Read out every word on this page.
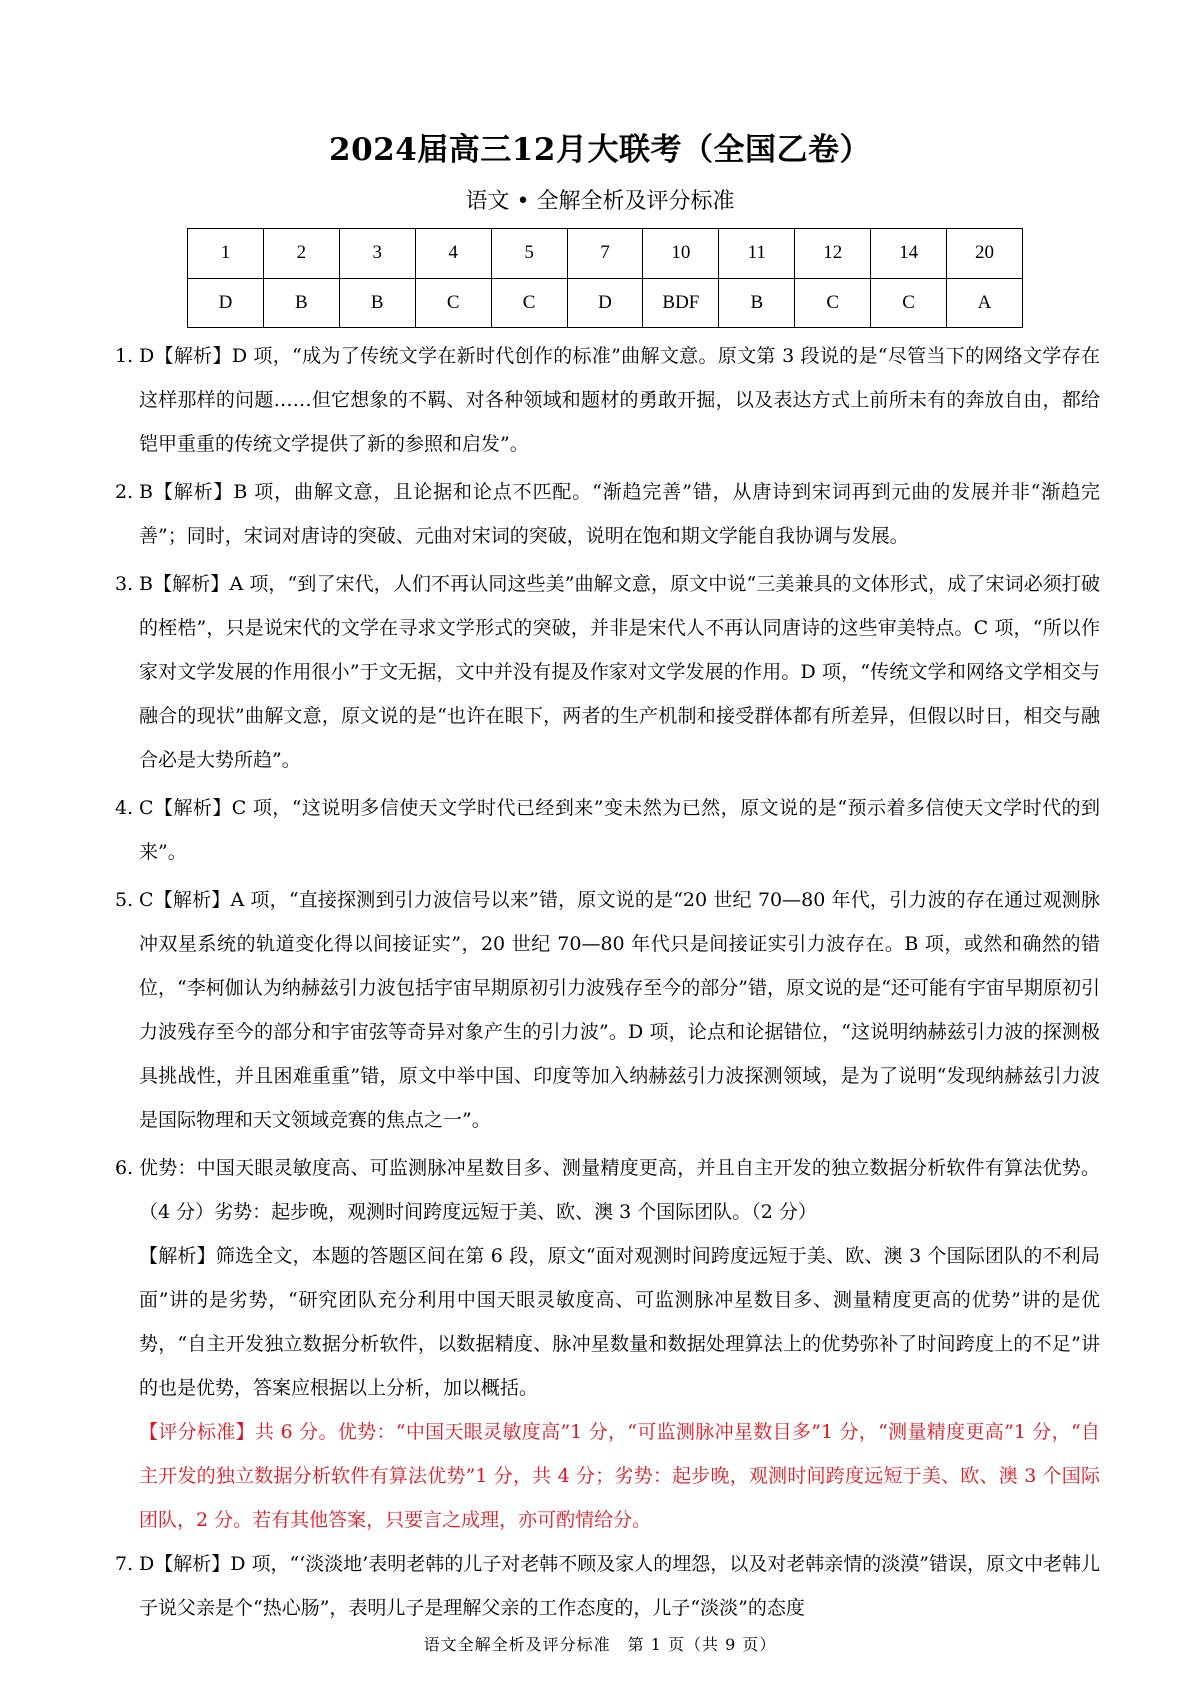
2024届高三12月大联考（全国乙卷）
语文 • 全解全析及评分标准
1	2	3	4	5	7	10	11	12	14	20
D	B	B	C	C	D	BDF	B	C	C	A
1. D【解析】D 项，“成为了传统文学在新时代创作的标准”曲解文意。原文第 3 段说的是“尽管当下的网络文学存在这样那样的问题……但它想象的不羁、对各种领域和题材的勇敢开掘，以及表达方式上前所未有的奔放自由，都给铠甲重重的传统文学提供了新的参照和启发”。
2. B【解析】B 项，曲解文意，且论据和论点不匹配。“渐趋完善”错，从唐诗到宋词再到元曲的发展并非“渐趋完善”；同时，宋词对唐诗的突破、元曲对宋词的突破，说明在饱和期文学能自我协调与发展。
3. B【解析】A 项，“到了宋代，人们不再认同这些美”曲解文意，原文中说“三美兼具的文体形式，成了宋词必须打破的桎梏”，只是说宋代的文学在寻求文学形式的突破，并非是宋代人不再认同唐诗的这些审美特点。C 项，“所以作家对文学发展的作用很小”于文无据，文中并没有提及作家对文学发展的作用。D 项，“传统文学和网络文学相交与融合的现状”曲解文意，原文说的是“也许在眼下，两者的生产机制和接受群体都有所差异，但假以时日，相交与融合必是大势所趋”。
4. C【解析】C 项，“这说明多信使天文学时代已经到来”变未然为已然，原文说的是“预示着多信使天文学时代的到来”。
5. C【解析】A 项，“直接探测到引力波信号以来”错，原文说的是“20 世纪 70—80 年代，引力波的存在通过观测脉冲双星系统的轨道变化得以间接证实”，20 世纪 70—80 年代只是间接证实引力波存在。B 项，或然和确然的错位，“李柯伽认为纳赫兹引力波包括宇宙早期原初引力波残存至今的部分”错，原文说的是“还可能有宇宙早期原初引力波残存至今的部分和宇宙弦等奇异对象产生的引力波”。D 项，论点和论据错位，“这说明纳赫兹引力波的探测极具挑战性，并且困难重重”错，原文中举中国、印度等加入纳赫兹引力波探测领域，是为了说明“发现纳赫兹引力波是国际物理和天文领域竞赛的焦点之一”。
6. 优势：中国天眼灵敏度高、可监测脉冲星数目多、测量精度更高，并且自主开发的独立数据分析软件有算法优势。（4 分）劣势：起步晚，观测时间跨度远短于美、欧、澳 3 个国际团队。（2 分）
【解析】筛选全文，本题的答题区间在第 6 段，原文“面对观测时间跨度远短于美、欧、澳 3 个国际团队的不利局面”讲的是劣势，“研究团队充分利用中国天眼灵敏度高、可监测脉冲星数目多、测量精度更高的优势”讲的是优势，“自主开发独立数据分析软件，以数据精度、脉冲星数量和数据处理算法上的优势弥补了时间跨度上的不足”讲的也是优势，答案应根据以上分析，加以概括。
【评分标准】共 6 分。优势：“中国天眼灵敏度高”1 分，“可监测脉冲星数目多”1 分，“测量精度更高”1 分，“自主开发的独立数据分析软件有算法优势”1 分，共 4 分；劣势：起步晚，观测时间跨度远短于美、欧、澳 3 个国际团队，2 分。若有其他答案，只要言之成理，亦可酌情给分。
7. D【解析】D 项，“‘淡淡地’表明老韩的儿子对老韩不顾及家人的埋怨，以及对老韩亲情的淡漠”错误，原文中老韩儿子说父亲是个“热心肠”，表明儿子是理解父亲的工作态度的，儿子“淡淡”的态度
语文全解全析及评分标准　第 1 页（共 9 页）
